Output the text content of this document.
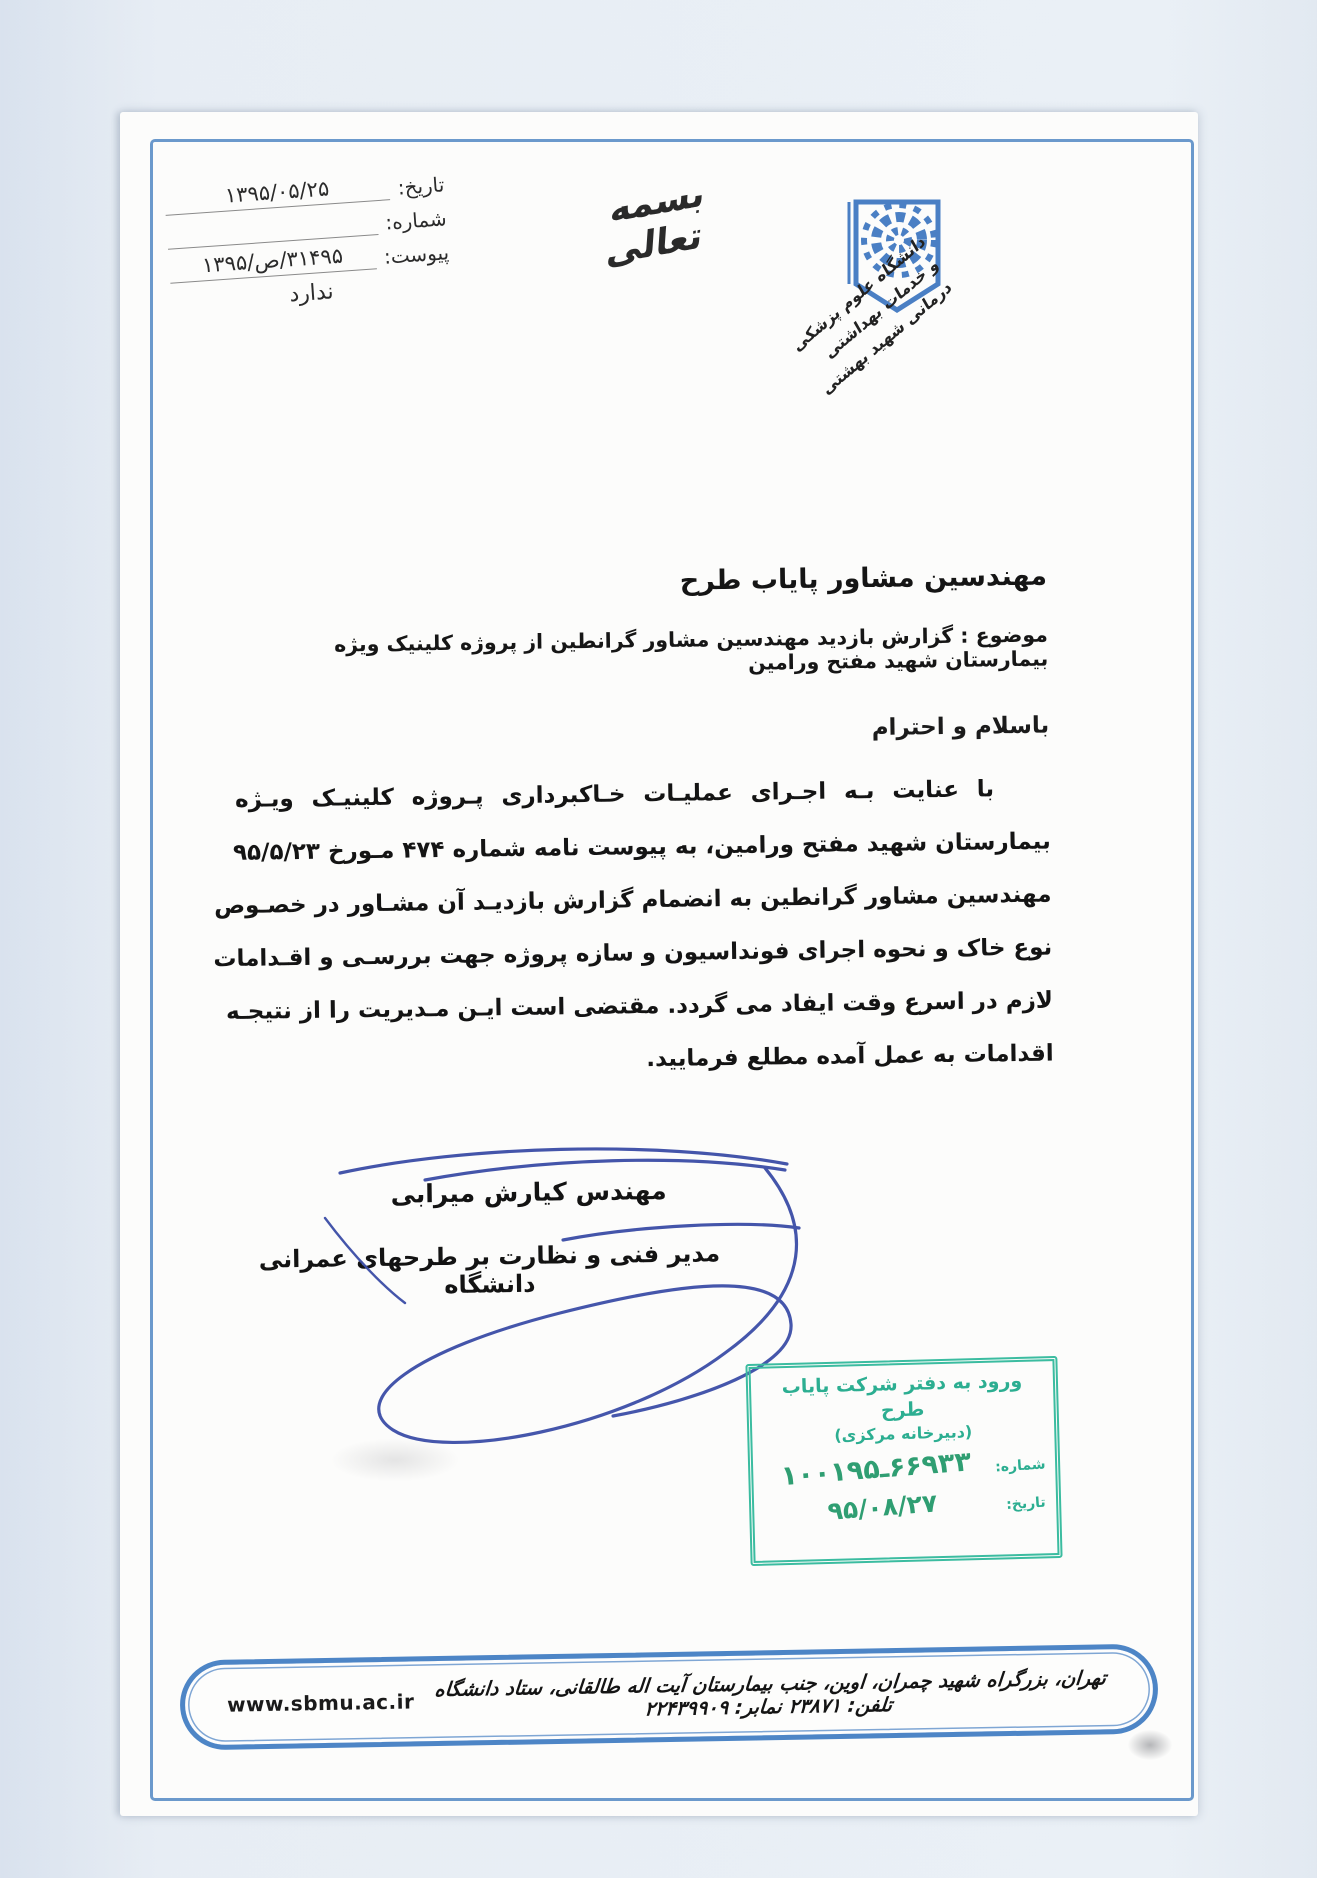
تاریخ:
۱۳۹۵/۰۵/۲۵
شماره:
پیوست:
۱۳۹۵/ص/۳۱۴۹۵
ندارد
بسمه تعالی	دانشگاه علوم پزشکی و خدمات بهداشتی درمانی شهید بهشتی
مهندسین مشاور پایاب طرح
موضوع : گزارش بازدید مهندسین مشاور گرانطین از پروژه کلینیک ویژه بیمارستان شهید مفتح ورامین
باسلام و احترام
با عنایت بـه اجـرای عملیـات خـاکبرداری پـروژه کلینیـک ویـژه
بیمارستان شهید مفتح ورامین، به پیوست نامه شماره ۴۷۴ مـورخ ۹۵/۵/۲۳
مهندسین مشاور گرانطین به انضمام گزارش بازدیـد آن مشـاور در خصـوص
نوع خاک و نحوه اجرای فونداسیون و سازه پروژه جهت بررسـی و اقـدامات
لازم در اسرع وقت ایفاد می گردد. مقتضی است ایـن مـدیریت را از نتیجـه
اقدامات به عمل آمده مطلع فرمایید.
مهندس کیارش میرابی
مدیر فنی و نظارت بر طرحهای عمرانی دانشگاه
ورود به دفتر شرکت پایاب طرح
(دبیرخانه مرکزی)
شماره:
۱۰۰۱۹۵ـ۶۶۹۳۳
تاریخ:
۹۵/۰۸/۲۷
تهران، بزرگراه شهید چمران، اوین، جنب بیمارستان آیت اله طالقانی، ستاد دانشگاه تلفن: ۲۳۸۷۱ نمابر: ۲۲۴۳۹۹۰۹
www.sbmu.ac.ir
